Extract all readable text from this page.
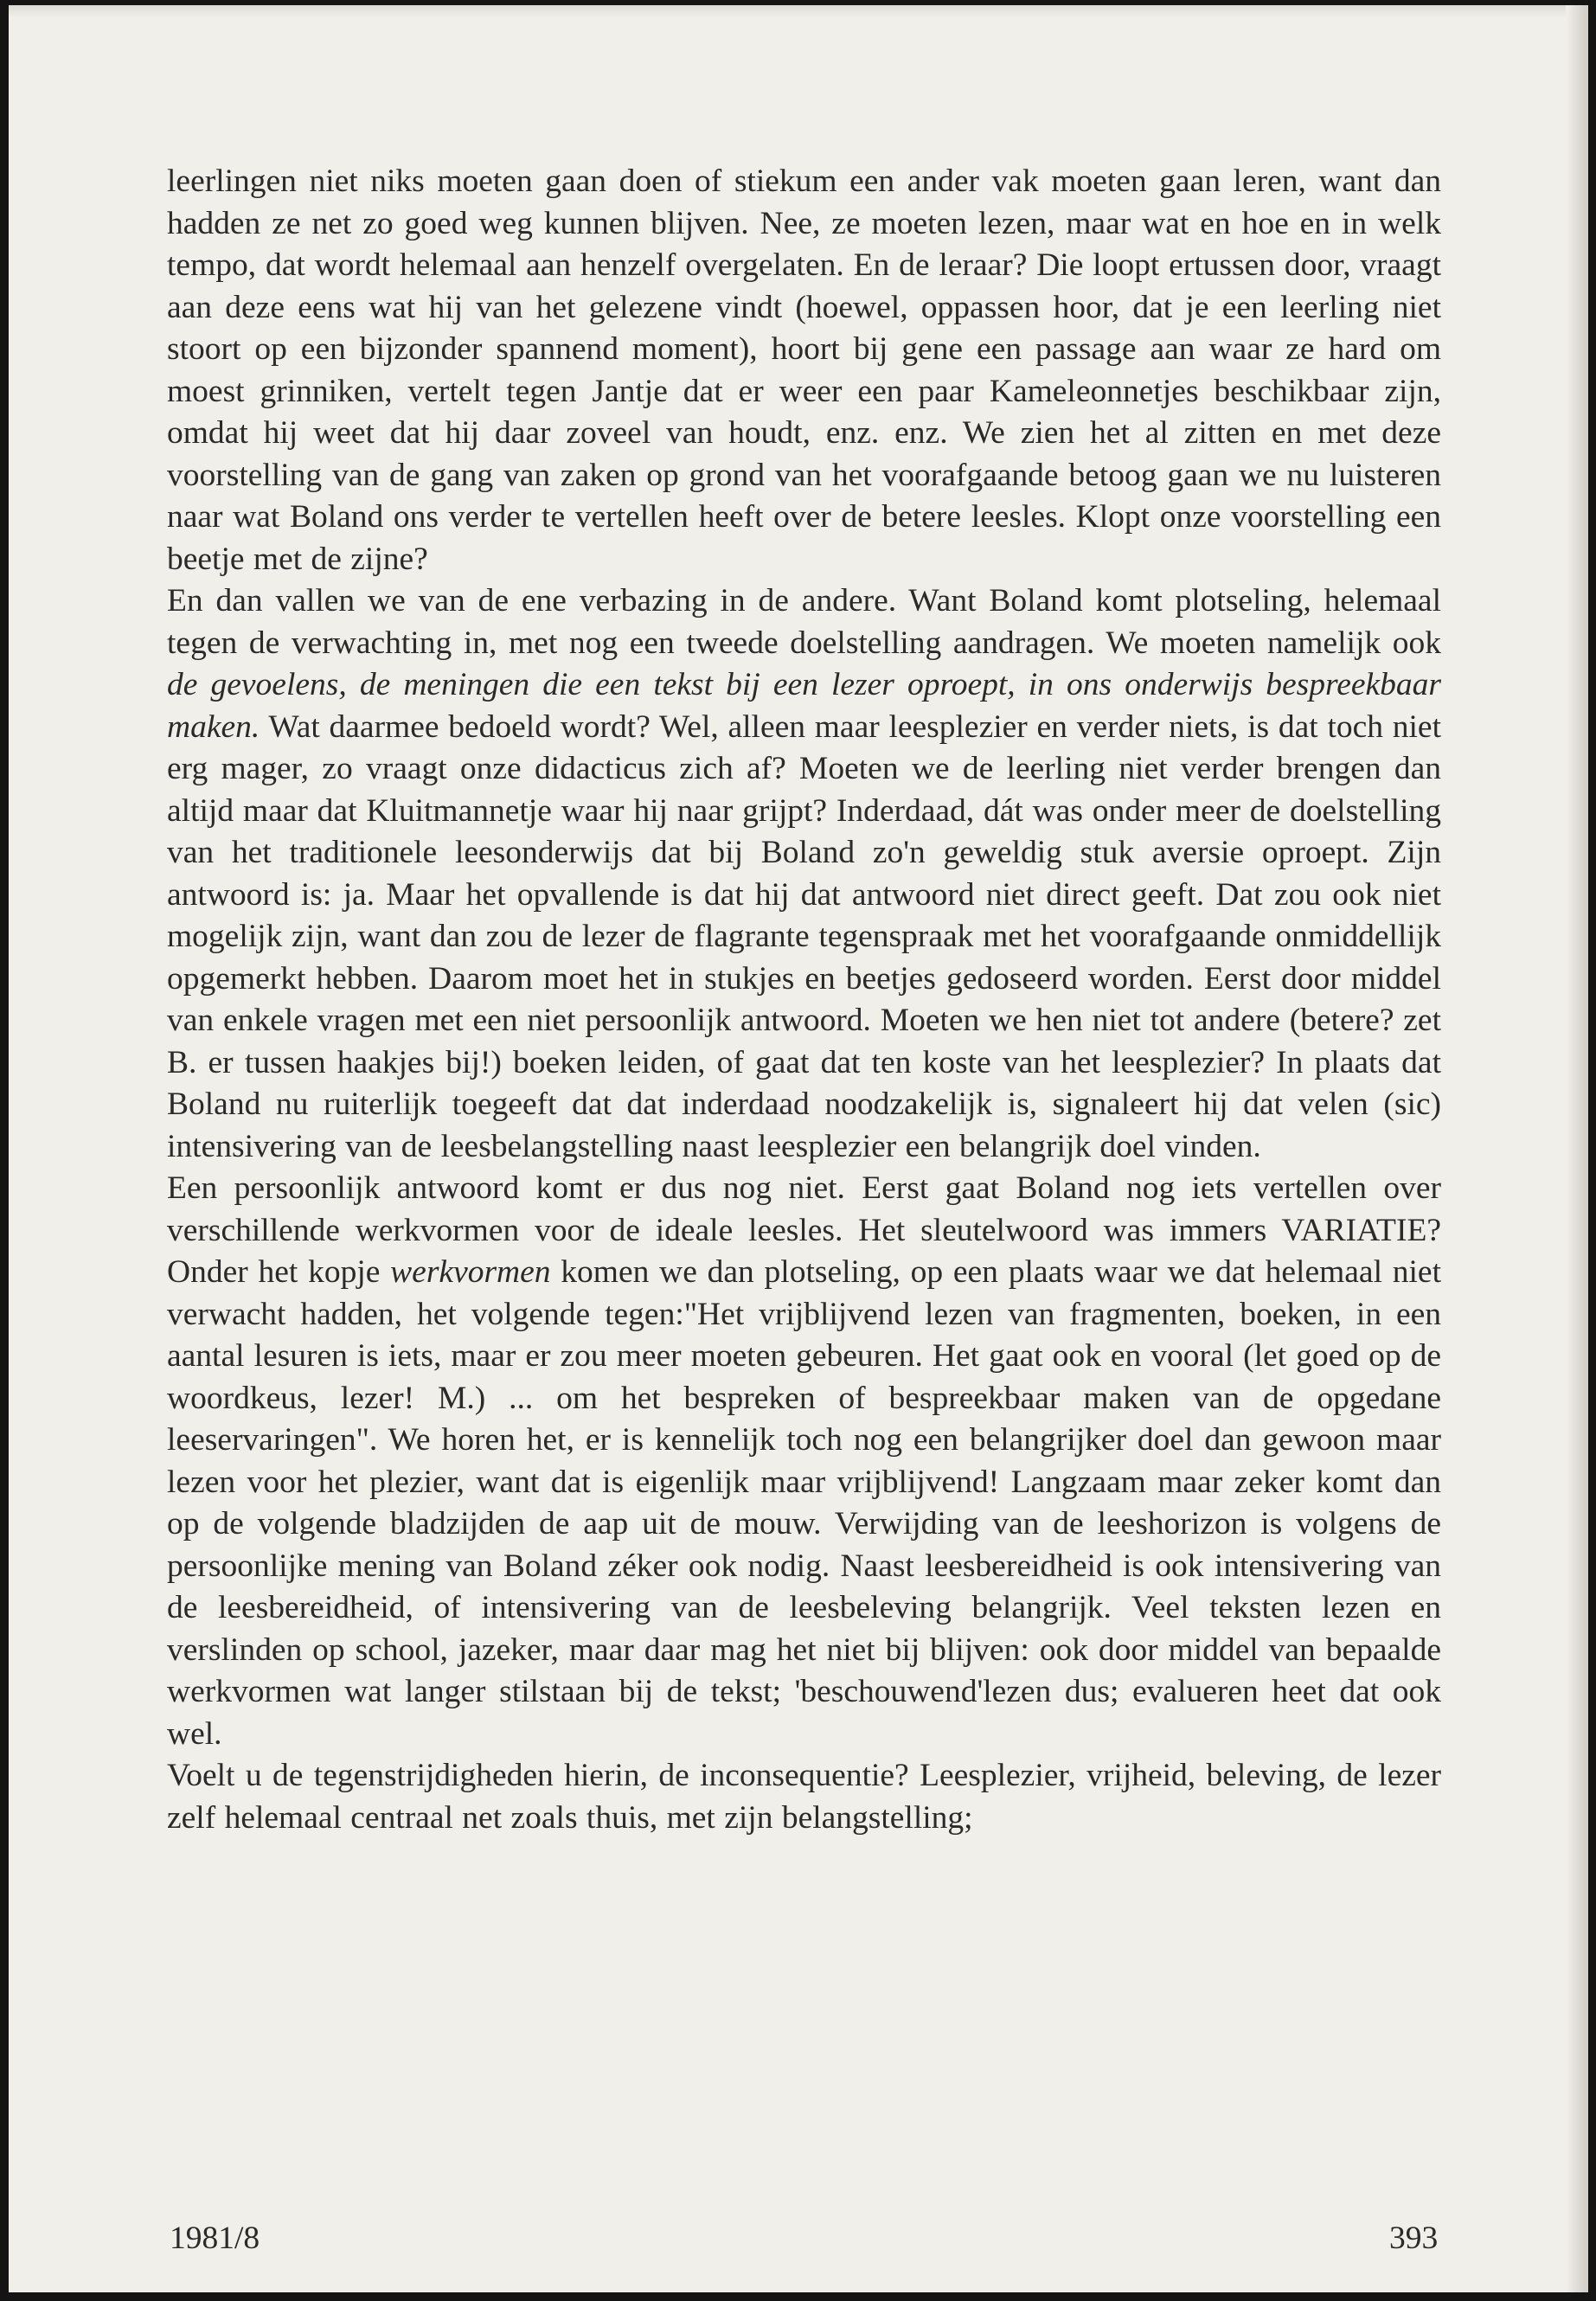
leerlingen niet niks moeten gaan doen of stiekum een ander vak moeten gaan leren, want dan hadden ze net zo goed weg kunnen blijven. Nee, ze moeten lezen, maar wat en hoe en in welk tempo, dat wordt helemaal aan henzelf overgelaten. En de leraar? Die loopt ertussen door, vraagt aan deze eens wat hij van het gelezene vindt (hoewel, oppassen hoor, dat je een leerling niet stoort op een bijzonder spannend moment), hoort bij gene een passage aan waar ze hard om moest grinniken, vertelt tegen Jantje dat er weer een paar Kameleonnetjes beschikbaar zijn, omdat hij weet dat hij daar zoveel van houdt, enz. enz. We zien het al zitten en met deze voorstelling van de gang van zaken op grond van het voorafgaande betoog gaan we nu luisteren naar wat Boland ons verder te vertellen heeft over de betere leesles. Klopt onze voorstelling een beetje met de zijne?

En dan vallen we van de ene verbazing in de andere. Want Boland komt plotseling, helemaal tegen de verwachting in, met nog een tweede doelstelling aandragen. We moeten namelijk ook de gevoelens, de meningen die een tekst bij een lezer oproept, in ons onderwijs bespreekbaar maken. Wat daarmee bedoeld wordt? Wel, alleen maar leesplezier en verder niets, is dat toch niet erg mager, zo vraagt onze didacticus zich af? Moeten we de leerling niet verder brengen dan altijd maar dat Kluitmannetje waar hij naar grijpt? Inderdaad, dát was onder meer de doelstelling van het traditionele leesonderwijs dat bij Boland zo'n geweldig stuk aversie oproept. Zijn antwoord is: ja. Maar het opvallende is dat hij dat antwoord niet direct geeft. Dat zou ook niet mogelijk zijn, want dan zou de lezer de flagrante tegenspraak met het voorafgaande onmiddellijk opgemerkt hebben. Daarom moet het in stukjes en beetjes gedoseerd worden. Eerst door middel van enkele vragen met een niet persoonlijk antwoord. Moeten we hen niet tot andere (betere? zet B. er tussen haakjes bij!) boeken leiden, of gaat dat ten koste van het leesplezier? In plaats dat Boland nu ruiterlijk toegeeft dat dat inderdaad noodzakelijk is, signaleert hij dat velen (sic) intensivering van de leesbelangstelling naast leesplezier een belangrijk doel vinden.

Een persoonlijk antwoord komt er dus nog niet. Eerst gaat Boland nog iets vertellen over verschillende werkvormen voor de ideale leesles. Het sleutelwoord was immers VARIATIE? Onder het kopje werkvormen komen we dan plotseling, op een plaats waar we dat helemaal niet verwacht hadden, het volgende tegen:"Het vrijblijvend lezen van fragmenten, boeken, in een aantal lesuren is iets, maar er zou meer moeten gebeuren. Het gaat ook en vooral (let goed op de woordkeus, lezer! M.) ... om het bespreken of bespreekbaar maken van de opgedane leeservaringen". We horen het, er is kennelijk toch nog een belangrijker doel dan gewoon maar lezen voor het plezier, want dat is eigenlijk maar vrijblijvend! Langzaam maar zeker komt dan op de volgende bladzijden de aap uit de mouw. Verwijding van de leeshorizon is volgens de persoonlijke mening van Boland zéker ook nodig. Naast leesbereidheid is ook intensivering van de leesbereidheid, of intensivering van de leesbeleving belangrijk. Veel teksten lezen en verslinden op school, jazeker, maar daar mag het niet bij blijven: ook door middel van bepaalde werkvormen wat langer stilstaan bij de tekst; 'beschouwend'lezen dus; evalueren heet dat ook wel.

Voelt u de tegenstrijdigheden hierin, de inconsequentie? Leesplezier, vrijheid, beleving, de lezer zelf helemaal centraal net zoals thuis, met zijn belangstelling;

1981/8	393
